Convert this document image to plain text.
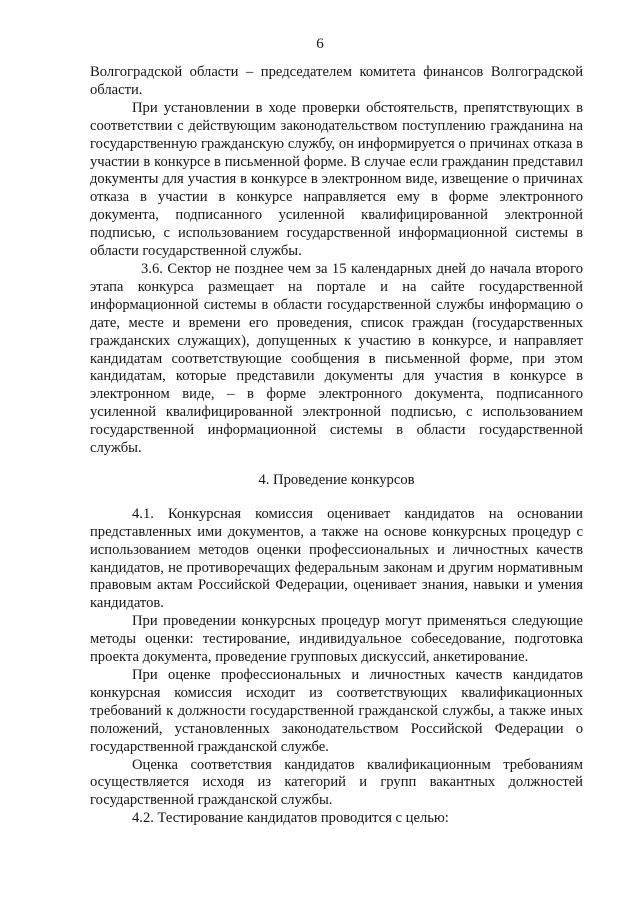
6

Волгоградской области – председателем комитета финансов Волгоградской области.

При установлении в ходе проверки обстоятельств, препятствующих в соответствии с действующим законодательством поступлению гражданина на государственную гражданскую службу, он информируется о причинах отказа в участии в конкурсе в письменной форме. В случае если гражданин представил документы для участия в конкурсе в электронном виде, извещение о причинах отказа в участии в конкурсе направляется ему в форме электронного документа, подписанного усиленной квалифицированной электронной подписью, с использованием государственной информационной системы в области государственной службы.

3.6. Сектор не позднее чем за 15 календарных дней до начала второго этапа конкурса размещает на портале и на сайте государственной информационной системы в области государственной службы информацию о дате, месте и времени его проведения, список граждан (государственных гражданских служащих), допущенных к участию в конкурсе, и направляет кандидатам соответствующие сообщения в письменной форме, при этом кандидатам, которые представили документы для участия в конкурсе в электронном виде, – в форме электронного документа, подписанного усиленной квалифицированной электронной подписью, с использованием государственной информационной системы в области государственной службы.

4. Проведение конкурсов

4.1. Конкурсная комиссия оценивает кандидатов на основании представленных ими документов, а также на основе конкурсных процедур с использованием методов оценки профессиональных и личностных качеств кандидатов, не противоречащих федеральным законам и другим нормативным правовым актам Российской Федерации, оценивает знания, навыки и умения кандидатов.

При проведении конкурсных процедур могут применяться следующие методы оценки: тестирование, индивидуальное собеседование, подготовка проекта документа, проведение групповых дискуссий, анкетирование.

При оценке профессиональных и личностных качеств кандидатов конкурсная комиссия исходит из соответствующих квалификационных требований к должности государственной гражданской службы, а также иных положений, установленных законодательством Российской Федерации о государственной гражданской службе.

Оценка соответствия кандидатов квалификационным требованиям осуществляется исходя из категорий и групп вакантных должностей государственной гражданской службы.

4.2. Тестирование кандидатов проводится с целью:
